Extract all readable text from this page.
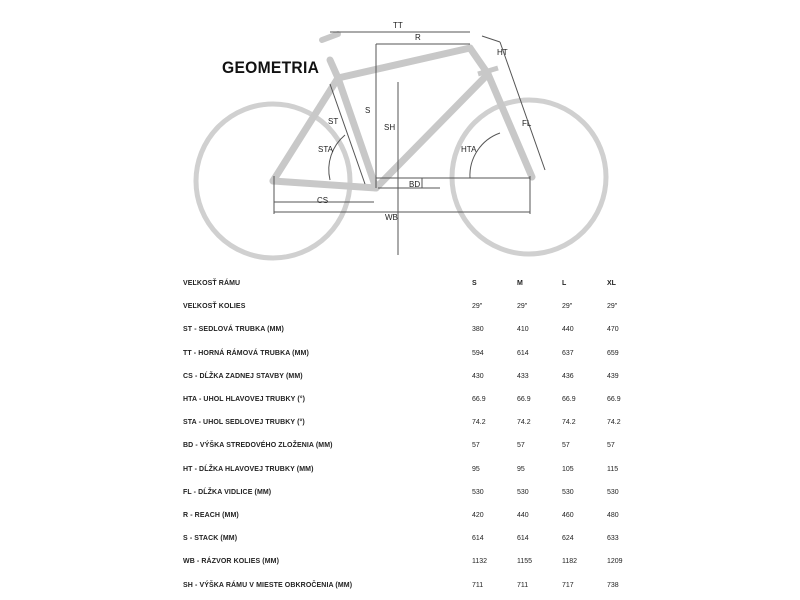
TT
R
HT
S
ST
SH	FL
STA	HTA
BD
CS
WB
GEOMETRIA
VEĽKOSŤ RÁMU	S	M	L	XL
VEĽKOSŤ KOLIES	29"	29"	29"	29"
ST - SEDLOVÁ TRUBKA (MM)	380	410	440	470
TT - HORNÁ RÁMOVÁ TRUBKA (MM)	594	614	637	659
CS - DĹŽKA ZADNEJ STAVBY (MM)	430	433	436	439
HTA - UHOL HLAVOVEJ TRUBKY (°)	66.9	66.9	66.9	66.9
STA - UHOL SEDLOVEJ TRUBKY (°)	74.2	74.2	74.2	74.2
BD - VÝŠKA STREDOVÉHO ZLOŽENIA (MM)	57	57	57	57
HT - DĹŽKA HLAVOVEJ TRUBKY (MM)	95	95	105	115
FL - DĹŽKA VIDLICE (MM)	530	530	530	530
R - REACH (MM)	420	440	460	480
S - STACK (MM)	614	614	624	633
WB - RÁZVOR KOLIES (MM)	1132	1155	1182	1209
SH - VÝŠKA RÁMU V MIESTE OBKROČENIA (MM)	711	711	717	738
